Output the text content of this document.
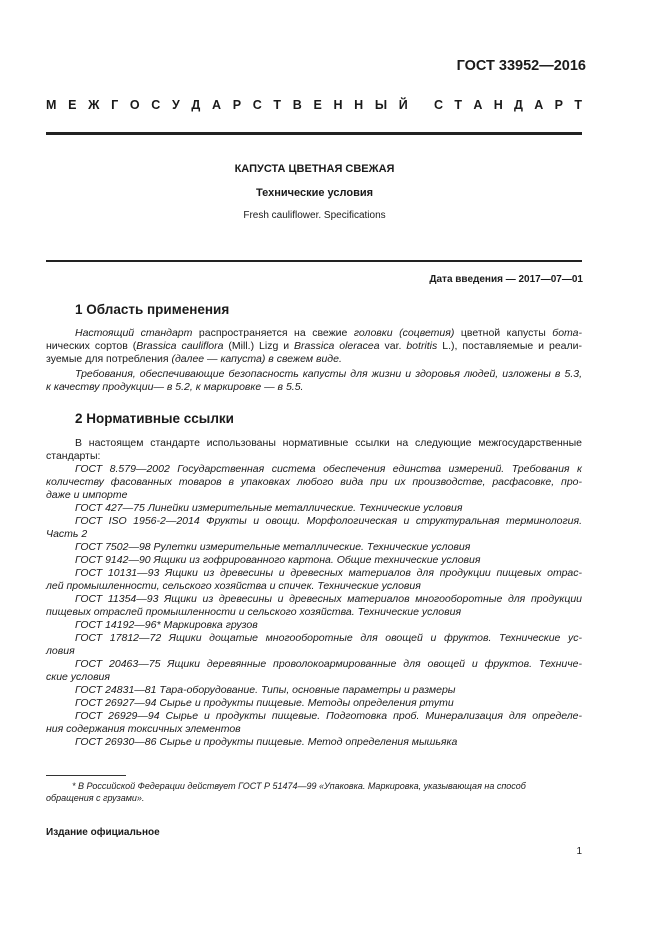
ГОСТ 33952—2016
М Е Ж Г О С У Д А Р С Т В Е Н Н Ы Й С Т А Н Д А Р Т
КАПУСТА ЦВЕТНАЯ СВЕЖАЯ
Технические условия
Fresh cauliflower. Specifications
Дата введения — 2017—07—01
1 Область применения
Настоящий стандарт распространяется на свежие головки (соцветия) цветной капусты бота-
нических сортов (Brassica cauliflora (Mill.) Lizg и Brassica oleracea var. botritis L.), поставляемые и реали-
зуемые для потребления (далее — капуста) в свежем виде.
Требования, обеспечивающие безопасность капусты для жизни и здоровья людей, изложены в 5.3,
к качеству продукции— в 5.2, к маркировке — в 5.5.
2 Нормативные ссылки
В настоящем стандарте использованы нормативные ссылки на следующие межгосударственные
стандарты:
ГОСТ 8.579—2002 Государственная система обеспечения единства измерений. Требования к
количеству фасованных товаров в упаковках любого вида при их производстве, расфасовке, про-
даже и импорте
ГОСТ 427—75 Линейки измерительные металлические. Технические условия
ГОСТ ISO 1956-2—2014 Фрукты и овощи. Морфологическая и структуральная терминология.
Часть 2
ГОСТ 7502—98 Рулетки измерительные металлические. Технические условия
ГОСТ 9142—90 Ящики из гофрированного картона. Общие технические условия
ГОСТ 10131—93 Ящики из древесины и древесных материалов для продукции пищевых отрас-
лей промышленности, сельского хозяйства и спичек. Технические условия
ГОСТ 11354—93 Ящики из древесины и древесных материалов многооборотные для продукции
пищевых отраслей промышленности и сельского хозяйства. Технические условия
ГОСТ 14192—96* Маркировка грузов
ГОСТ 17812—72 Ящики дощатые многооборотные для овощей и фруктов. Технические ус-
ловия
ГОСТ 20463—75 Ящики деревянные проволокоармированные для овощей и фруктов. Техниче-
ские условия
ГОСТ 24831—81 Тара-оборудование. Типы, основные параметры и размеры
ГОСТ 26927—94 Сырье и продукты пищевые. Методы определения ртути
ГОСТ 26929—94 Сырье и продукты пищевые. Подготовка проб. Минерализация для определе-
ния содержания токсичных элементов
ГОСТ 26930—86 Сырье и продукты пищевые. Метод определения мышьяка
* В Российской Федерации действует ГОСТ Р 51474—99 «Упаковка. Маркировка, указывающая на способ
обращения с грузами».
Издание официальное
1
